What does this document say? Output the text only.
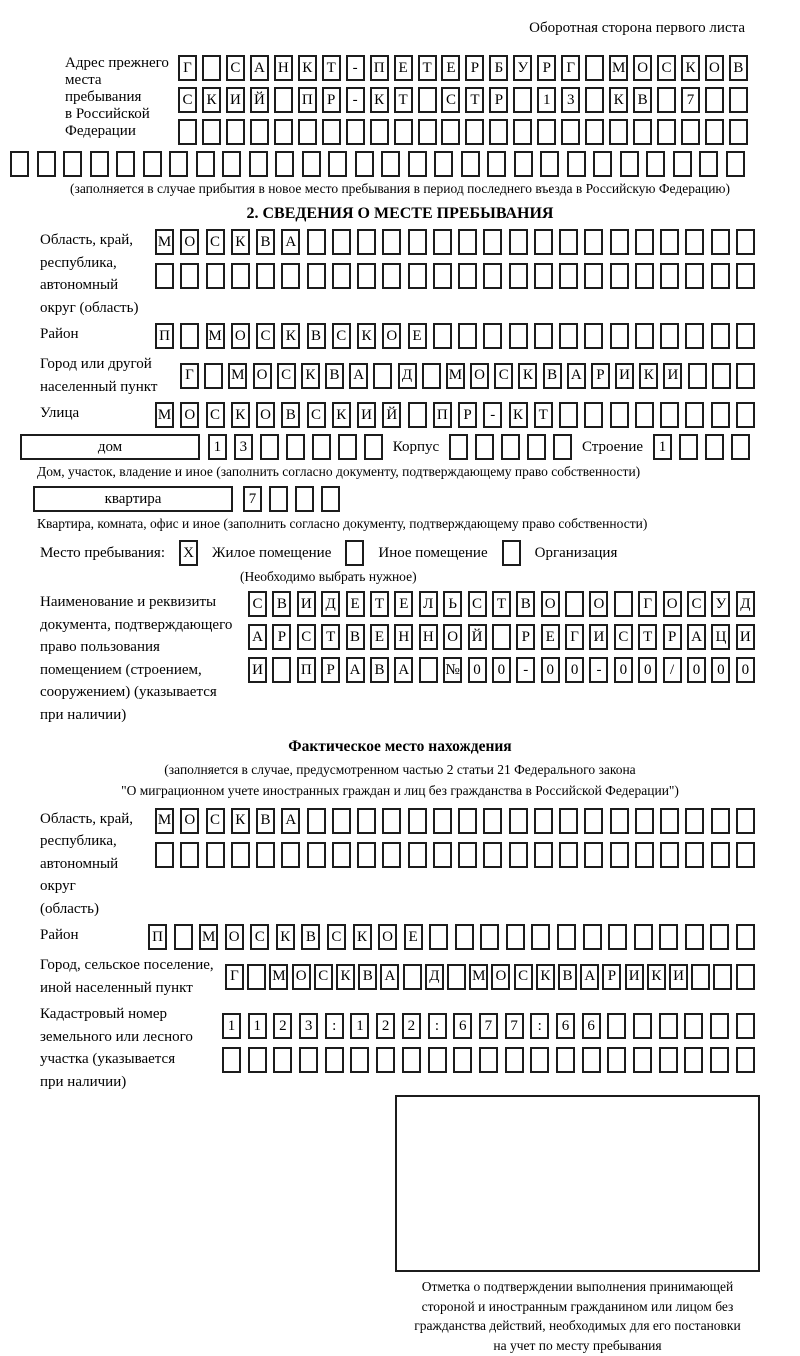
Оборотная сторона первого листа
Адрес прежнего
места пребывания
в Российской
Федерации
Г	С А Н К Т	-	П Е Т Е	Р	Б У Р	Г	М О С К О В
С К И Й П Р	-	К Т	С Т	Р	1	3	К В	7
(заполняется в случае прибытия в новое место пребывания в период последнего въезда в Российскую Федерацию)
2. СВЕДЕНИЯ О МЕСТЕ ПРЕБЫВАНИЯ
Область, край,
республика,
автономный
округ (область)
М О С	К	В А
Район	П	М О С	К	В	С	К О	Е
Город или другой
населенный пункт
Г	М О С К В А	Д М О С К В А Р И К И
Улица	М О С	К О В	С	К И Й	П	Р	-	К	Т
дом	1	3	Корпус	Строение	1
Дом, участок, владение и иное (заполнить согласно документу, подтверждающему право собственности)
квартира	7
Квартира, комната, офис и иное (заполнить согласно документу, подтверждающему право собственности)
Место пребывания: X Жилое помещение	Иное помещение	Организация
(Необходимо выбрать нужное)
Наименование и реквизиты
документа, подтверждающего
право пользования
помещением (строением,
сооружением) (указывается
при наличии)
С В И Д Е	Т	Е Л Ь	С Т В О	О	Г О С У Д
А Р	С Т В Е Н Н О Й	Р	Е	Г И С Т	Р А Ц И
И	П Р А В А № 0	0	-	0	0	-	0	0	/	0	0	0
Фактическое место нахождения
(заполняется в случае, предусмотренном частью 2 статьи 21 Федерального закона
"О миграционном учете иностранных граждан и лиц без гражданства в Российской Федерации")
Область, край,
республика,
автономный округ
(область)
М О С	К	В А
Район	П	М О С	К	В	С	К	О	Е
Город, сельское поселение,
иной населенный пункт
Г	М О С К В А Д М О С К В А Р И К И
Кадастровый номер
земельного или лесного
участка (указывается
при наличии)
1	1	2	3	:	1	2	2	:	6	7	7	:	6	6
Отметка о подтверждении выполнения принимающей
стороной и иностранным гражданином или лицом без
гражданства действий, необходимых для его постановки
на учет по месту пребывания
